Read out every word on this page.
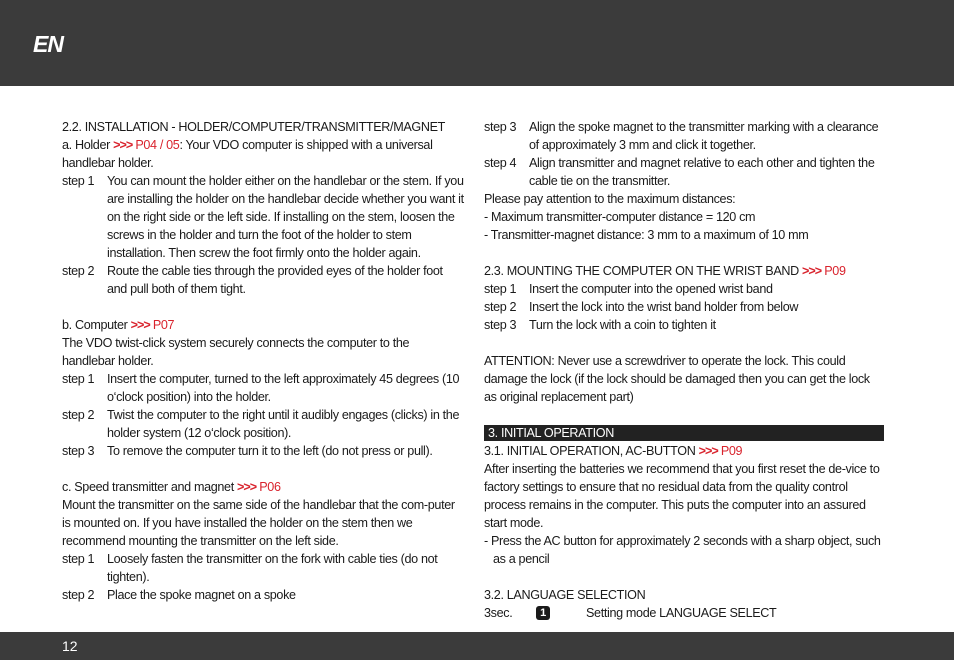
EN
2.2. INSTALLATION - HOLDER/COMPUTER/TRANSMITTER/MAGNET
a. Holder >>> P04 / 05: Your VDO computer is shipped with a universal handlebar holder.
step 1	You can mount the holder either on the handlebar or the stem. If you are installing the holder on the handlebar decide whether you want it on the right side or the left side. If installing on the stem, loosen the screws in the holder and turn the foot of the holder to stem installation. Then screw the foot firmly onto the holder again.
step 2	Route the cable ties through the provided eyes of the holder foot and pull both of them tight.
b. Computer >>> P07
The VDO twist-click system securely connects the computer to the handlebar holder.
step 1	Insert the computer, turned to the left approximately 45 degrees (10 o‘clock position) into the holder.
step 2	Twist the computer to the right until it audibly engages (clicks) in the holder system (12 o‘clock position).
step 3	To remove the computer turn it to the left (do not press or pull).
c. Speed transmitter and magnet >>> P06
Mount the transmitter on the same side of the handlebar that the com-puter is mounted on. If you have installed the holder on the stem then we recommend mounting the transmitter on the left side.
step 1	Loosely fasten the transmitter on the fork with cable ties (do not tighten).
step 2	Place the spoke magnet on a spoke
step 3	Align the spoke magnet to the transmitter marking with a clearance of approximately 3 mm and click it together.
step 4	Align transmitter and magnet relative to each other and tighten the cable tie on the transmitter.
Please pay attention to the maximum distances:
- Maximum transmitter-computer distance = 120 cm
- Transmitter-magnet distance: 3 mm to a maximum of 10 mm
2.3. MOUNTING THE COMPUTER ON THE WRIST BAND >>> P09
step 1	Insert the computer into the opened wrist band
step 2	Insert the lock into the wrist band holder from below
step 3	Turn the lock with a coin to tighten it
ATTENTION: Never use a screwdriver to operate the lock. This could damage the lock (if the lock should be damaged then you can get the lock as original replacement part)
3. INITIAL OPERATION
3.1. INITIAL OPERATION, AC-BUTTON >>> P09
After inserting the batteries we recommend that you first reset the de-vice to factory settings to ensure that no residual data from the quality control process remains in the computer. This puts the computer into an assured start mode.
- Press the AC button for approximately 2 seconds with a sharp object, such as a pencil
3.2. LANGUAGE SELECTION
3sec.	1	Setting mode LANGUAGE SELECT
12
